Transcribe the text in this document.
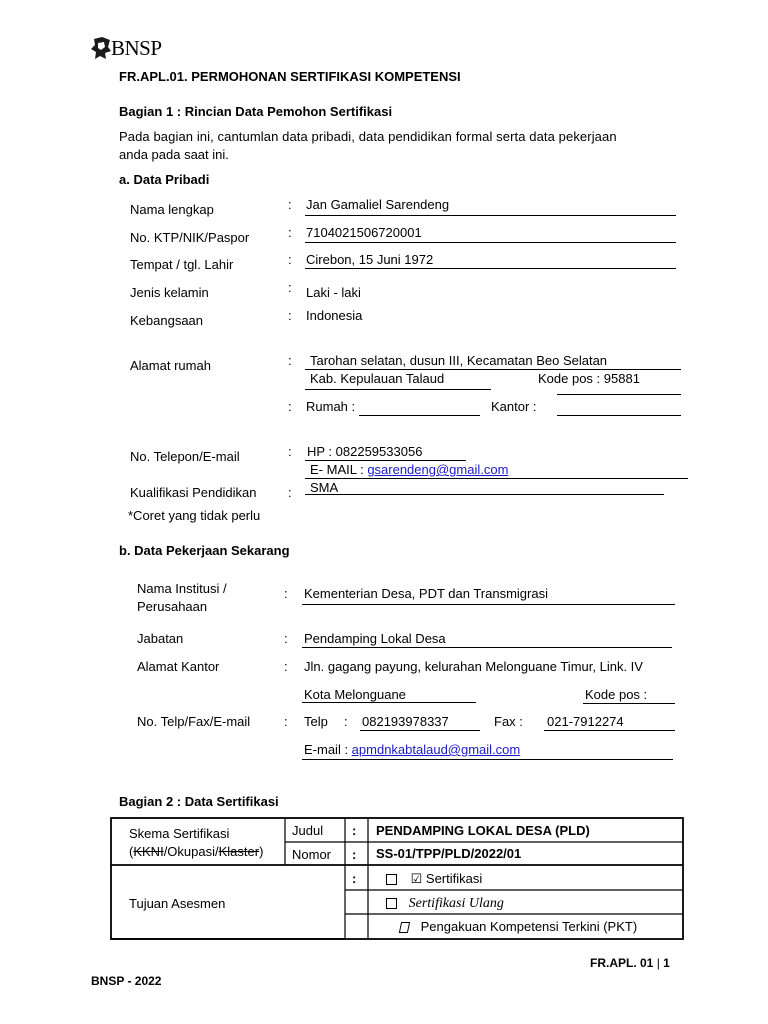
BNSP
FR.APL.01. PERMOHONAN SERTIFIKASI KOMPETENSI
Bagian 1 : Rincian Data Pemohon Sertifikasi
Pada bagian ini, cantumlan data pribadi, data pendidikan formal serta data pekerjaan
anda pada saat ini.
a. Data Pribadi
Nama lengkap	: Jan Gamaliel Sarendeng
No. KTP/NIK/Paspor	: 7104021506720001
Tempat / tgl. Lahir	: Cirebon, 15 Juni 1972
Jenis kelamin	: Laki - laki
Kebangsaan	: Indonesia
Alamat rumah	: Tarohan selatan, dusun III, Kecamatan Beo Selatan
Kab. Kepulauan Talaud	Kode pos : 95881
: Rumah :	Kantor :
No. Telepon/E-mail	: HP : 082259533056
E- MAIL : gsarendeng@gmail.com
Kualifikasi Pendidikan : SMA
*Coret yang tidak perlu
b. Data Pekerjaan Sekarang
Nama Institusi /
Perusahaan
: Kementerian Desa, PDT dan Transmigrasi
Jabatan	: Pendamping Lokal Desa
Alamat Kantor	: Jln. gagang payung, kelurahan Melonguane Timur, Link. IV
Kota Melonguane	Kode pos :
No. Telp/Fax/E-mail	: Telp : 082193978337	Fax : 021-7912274
E-mail : apmdnkabtalaud@gmail.com
Bagian 2 : Data Sertifikasi
Skema Sertifikasi
(KKNI/Okupasi/Klaster)
Judul : PENDAMPING LOKAL DESA (PLD)
Nomor : SS-01/TPP/PLD/2022/01
Tujuan Asesmen
:	☑ Sertifikasi
Sertifikasi Ulang
Pengakuan Kompetensi Terkini (PKT)
FR.APL. 01 | 1
BNSP - 2022
